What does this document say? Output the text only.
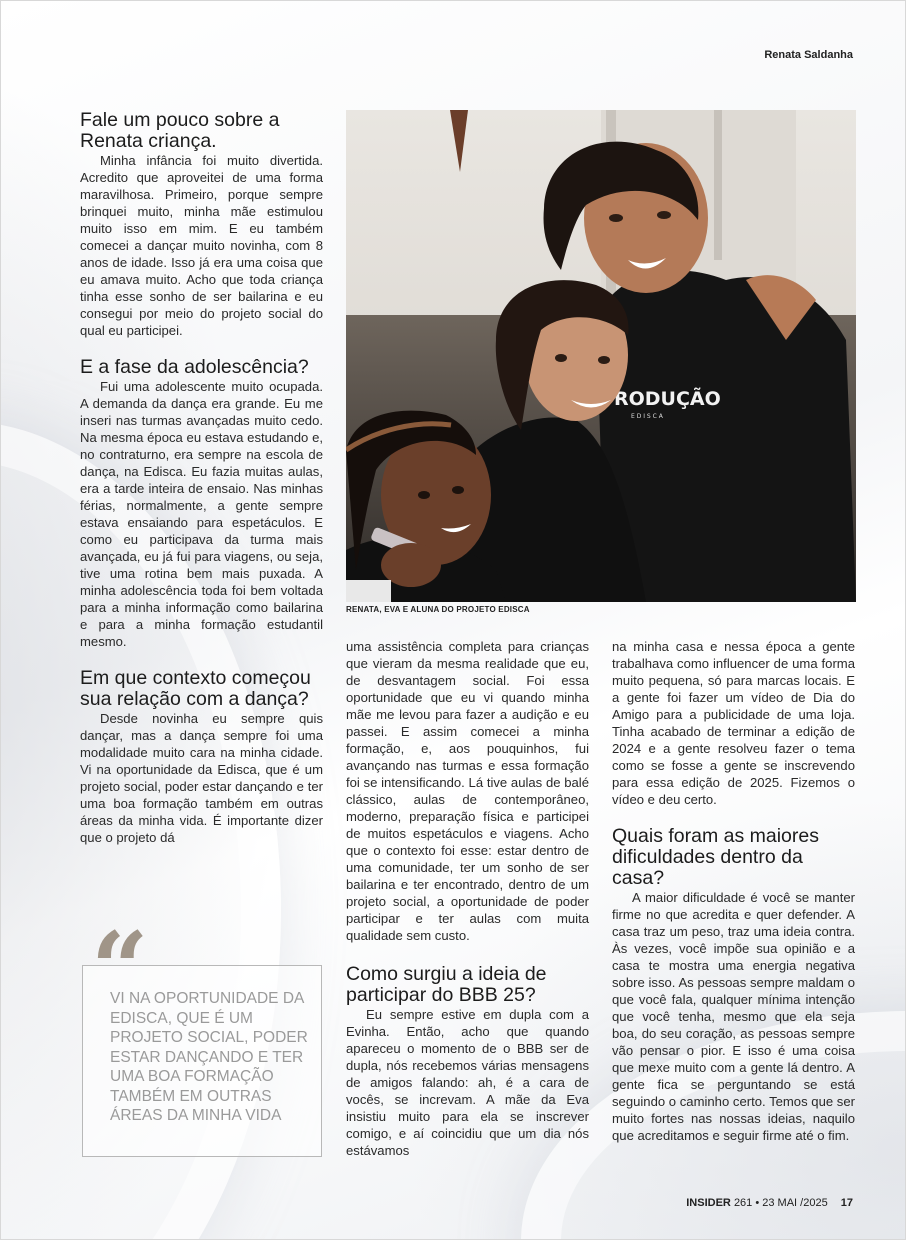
Renata Saldanha
Fale um pouco sobre a Renata criança.

Minha infância foi muito divertida. Acredito que aproveitei de uma forma maravilhosa. Primeiro, porque sempre brinquei muito, minha mãe estimulou muito isso em mim. E eu também comecei a dançar muito novinha, com 8 anos de idade. Isso já era uma coisa que eu amava muito. Acho que toda criança tinha esse sonho de ser bailarina e eu consegui por meio do projeto social do qual eu participei.

E a fase da adolescência?

Fui uma adolescente muito ocupada. A demanda da dança era grande. Eu me inseri nas turmas avançadas muito cedo. Na mesma época eu estava estudando e, no contraturno, era sempre na escola de dança, na Edisca. Eu fazia muitas aulas, era a tarde inteira de ensaio. Nas minhas férias, normalmente, a gente sempre estava ensaiando para espetáculos. E como eu participava da turma mais avançada, eu já fui para viagens, ou seja, tive uma rotina bem mais puxada. A minha adolescência toda foi bem voltada para a minha informação como bailarina e para a minha formação estudantil mesmo.

Em que contexto começou sua relação com a dança?

Desde novinha eu sempre quis dançar, mas a dança sempre foi uma modalidade muito cara na minha cidade. Vi na oportunidade da Edisca, que é um projeto social, poder estar dançando e ter uma boa formação também em outras áreas da minha vida. É importante dizer que o projeto dá

“
VI NA OPORTUNIDADE DA EDISCA, QUE É UM PROJETO SOCIAL, PODER ESTAR DANÇANDO E TER UMA BOA FORMAÇÃO TAMBÉM EM OUTRAS ÁREAS DA MINHA VIDA
RODUÇÃO
E D I S C A
RENATA, EVA E ALUNA DO PROJETO EDISCA

uma assistência completa para crianças que vieram da mesma realidade que eu, de desvantagem social. Foi essa oportunidade que eu vi quando minha mãe me levou para fazer a audição e eu passei. E assim comecei a minha formação, e, aos pouquinhos, fui avançando nas turmas e essa formação foi se intensificando. Lá tive aulas de balé clássico, aulas de contemporâneo, moderno, preparação física e participei de muitos espetáculos e viagens. Acho que o contexto foi esse: estar dentro de uma comunidade, ter um sonho de ser bailarina e ter encontrado, dentro de um projeto social, a oportunidade de poder participar e ter aulas com muita qualidade sem custo.

Como surgiu a ideia de participar do BBB 25?

Eu sempre estive em dupla com a Evinha. Então, acho que quando apareceu o momento de o BBB ser de dupla, nós recebemos várias mensagens de amigos falando: ah, é a cara de vocês, se increvam. A mãe da Eva insistiu muito para ela se inscrever comigo, e aí coincidiu que um dia nós estávamos

na minha casa e nessa época a gente trabalhava como influencer de uma forma muito pequena, só para marcas locais. E a gente foi fazer um vídeo de Dia do Amigo para a publicidade de uma loja. Tinha acabado de terminar a edição de 2024 e a gente resolveu fazer o tema como se fosse a gente se inscrevendo para essa edição de 2025. Fizemos o vídeo e deu certo.

Quais foram as maiores dificuldades dentro da casa?

A maior dificuldade é você se manter firme no que acredita e quer defender. A casa traz um peso, traz uma ideia contra. Às vezes, você impõe sua opinião e a casa te mostra uma energia negativa sobre isso. As pessoas sempre maldam o que você fala, qualquer mínima intenção que você tenha, mesmo que ela seja boa, do seu coração, as pessoas sempre vão pensar o pior. E isso é uma coisa que mexe muito com a gente lá dentro. A gente fica se perguntando se está seguindo o caminho certo. Temos que ser muito fortes nas nossas ideias, naquilo que acreditamos e seguir firme até o fim.

INSIDER 261 • 23 MAI /2025 17
